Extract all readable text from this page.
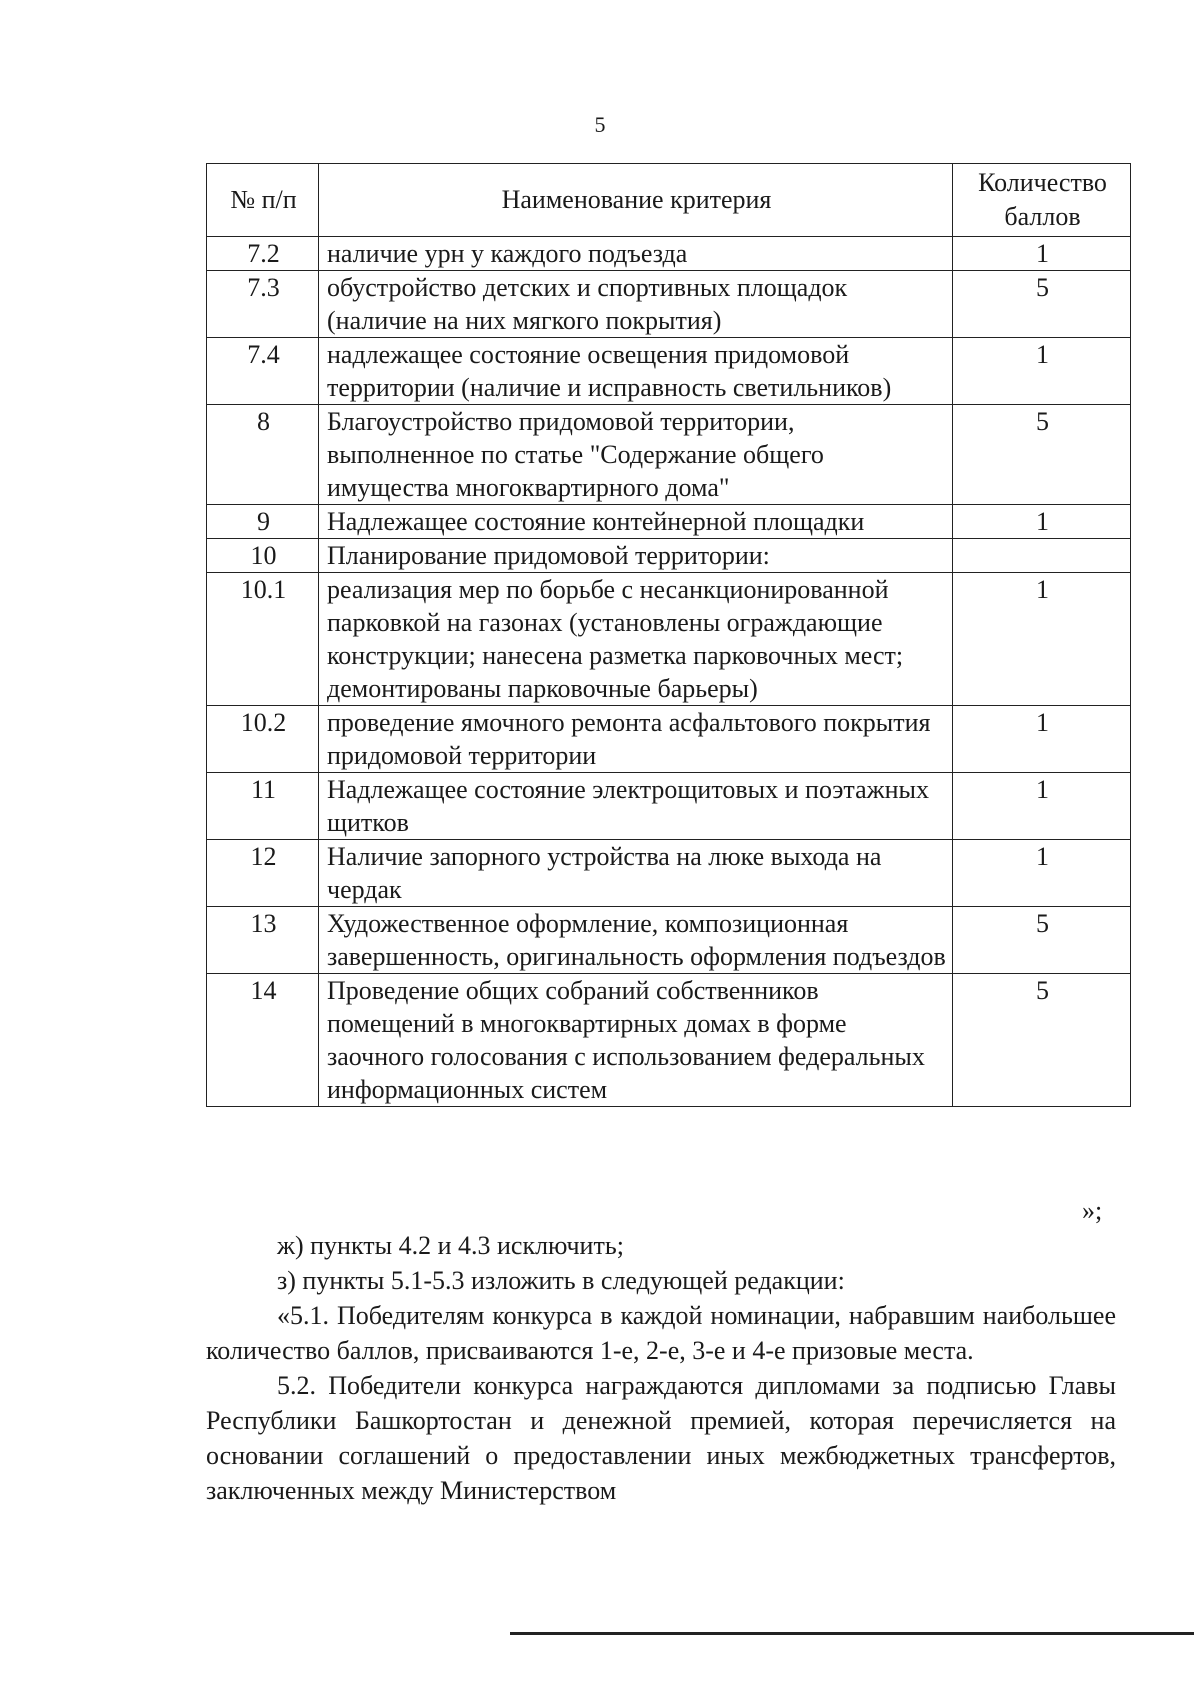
5
№ п/п	Наименование критерия	Количество баллов
7.2	наличие урн у каждого подъезда	1
7.3	обустройство детских и спортивных площадок (наличие на них мягкого покрытия)	5
7.4	надлежащее состояние освещения придомовой территории (наличие и исправность светильников)	1
8	Благоустройство придомовой территории, выполненное по статье "Содержание общего имущества многоквартирного дома"	5
9	Надлежащее состояние контейнерной площадки	1
10	Планирование придомовой территории:	
10.1	реализация мер по борьбе с несанкционированной парковкой на газонах (установлены ограждающие конструкции; нанесена разметка парковочных мест; демонтированы парковочные барьеры)	1
10.2	проведение ямочного ремонта асфальтового покрытия придомовой территории	1
11	Надлежащее состояние электрощитовых и поэтажных щитков	1
12	Наличие запорного устройства на люке выхода на чердак	1
13	Художественное оформление, композиционная завершенность, оригинальность оформления подъездов	5
14	Проведение общих собраний собственников помещений в многоквартирных домах в форме заочного голосования с использованием федеральных информационных систем	5
»;

ж) пункты 4.2 и 4.3 исключить;

з) пункты 5.1-5.3 изложить в следующей редакции:

«5.1. Победителям конкурса в каждой номинации, набравшим наибольшее количество баллов, присваиваются 1-е, 2-е, 3-е и 4-е призовые места.

5.2. Победители конкурса награждаются дипломами за подписью Главы Республики Башкортостан и денежной премией, которая перечисляется на основании соглашений о предоставлении иных межбюджетных трансфертов, заключенных между Министерством
